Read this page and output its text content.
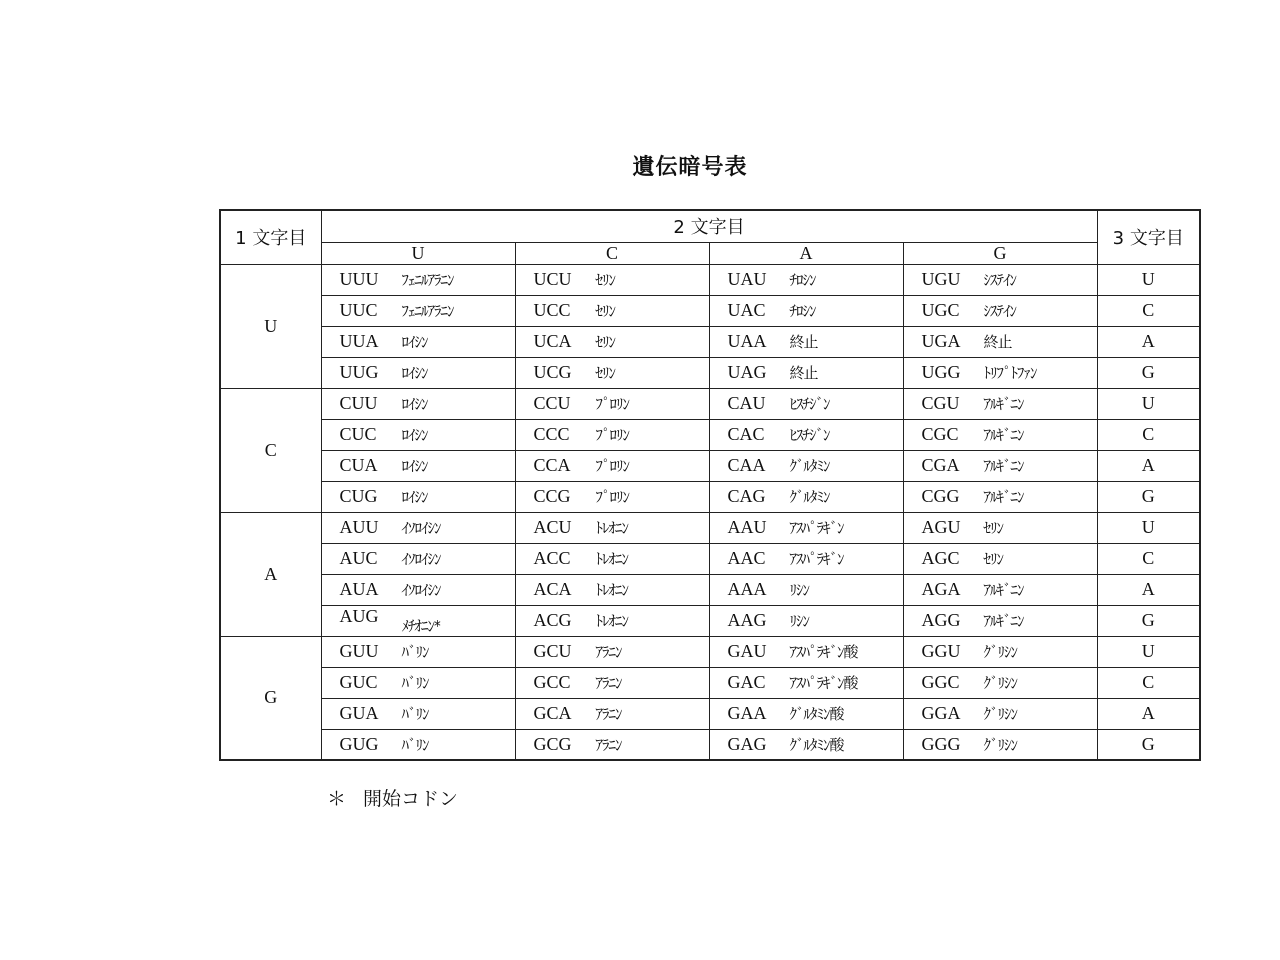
遺伝暗号表
1 文字目	2 文字目				3 文字目
	U	C	A	G	
U	UUU ﾌｪﾆﾙｱﾗﾆﾝ	UCU ｾﾘﾝ	UAU ﾁﾛｼﾝ	UGU ｼｽﾃｲﾝ	U
	UUC ﾌｪﾆﾙｱﾗﾆﾝ	UCC ｾﾘﾝ	UAC ﾁﾛｼﾝ	UGC ｼｽﾃｲﾝ	C
	UUA ﾛｲｼﾝ	UCA ｾﾘﾝ	UAA 終止	UGA 終止	A
	UUG ﾛｲｼﾝ	UCG ｾﾘﾝ	UAG 終止	UGG ﾄﾘﾌﾟﾄﾌｧﾝ	G
C	CUU ﾛｲｼﾝ	CCU ﾌﾟﾛﾘﾝ	CAU ﾋｽﾁｼﾞﾝ	CGU ｱﾙｷﾞﾆﾝ	U
	CUC ﾛｲｼﾝ	CCC ﾌﾟﾛﾘﾝ	CAC ﾋｽﾁｼﾞﾝ	CGC ｱﾙｷﾞﾆﾝ	C
	CUA ﾛｲｼﾝ	CCA ﾌﾟﾛﾘﾝ	CAA ｸﾞﾙﾀﾐﾝ	CGA ｱﾙｷﾞﾆﾝ	A
	CUG ﾛｲｼﾝ	CCG ﾌﾟﾛﾘﾝ	CAG ｸﾞﾙﾀﾐﾝ	CGG ｱﾙｷﾞﾆﾝ	G
A	AUU ｲｿﾛｲｼﾝ	ACU ﾄﾚｵﾆﾝ	AAU ｱｽﾊﾟﾗｷﾞﾝ	AGU ｾﾘﾝ	U
	AUC ｲｿﾛｲｼﾝ	ACC ﾄﾚｵﾆﾝ	AAC ｱｽﾊﾟﾗｷﾞﾝ	AGC ｾﾘﾝ	C
	AUA ｲｿﾛｲｼﾝ	ACA ﾄﾚｵﾆﾝ	AAA ﾘｼﾝ	AGA ｱﾙｷﾞﾆﾝ	A
	AUG ﾒﾁｵﾆﾝ*	ACG ﾄﾚｵﾆﾝ	AAG ﾘｼﾝ	AGG ｱﾙｷﾞﾆﾝ	G
G	GUU ﾊﾞﾘﾝ	GCU ｱﾗﾆﾝ	GAU ｱｽﾊﾟﾗｷﾞﾝ酸	GGU ｸﾞﾘｼﾝ	U
	GUC ﾊﾞﾘﾝ	GCC ｱﾗﾆﾝ	GAC ｱｽﾊﾟﾗｷﾞﾝ酸	GGC ｸﾞﾘｼﾝ	C
	GUA ﾊﾞﾘﾝ	GCA ｱﾗﾆﾝ	GAA ｸﾞﾙﾀﾐﾝ酸	GGA ｸﾞﾘｼﾝ	A
	GUG ﾊﾞﾘﾝ	GCG ｱﾗﾆﾝ	GAG ｸﾞﾙﾀﾐﾝ酸	GGG ｸﾞﾘｼﾝ	G
＊ 開始コドン
